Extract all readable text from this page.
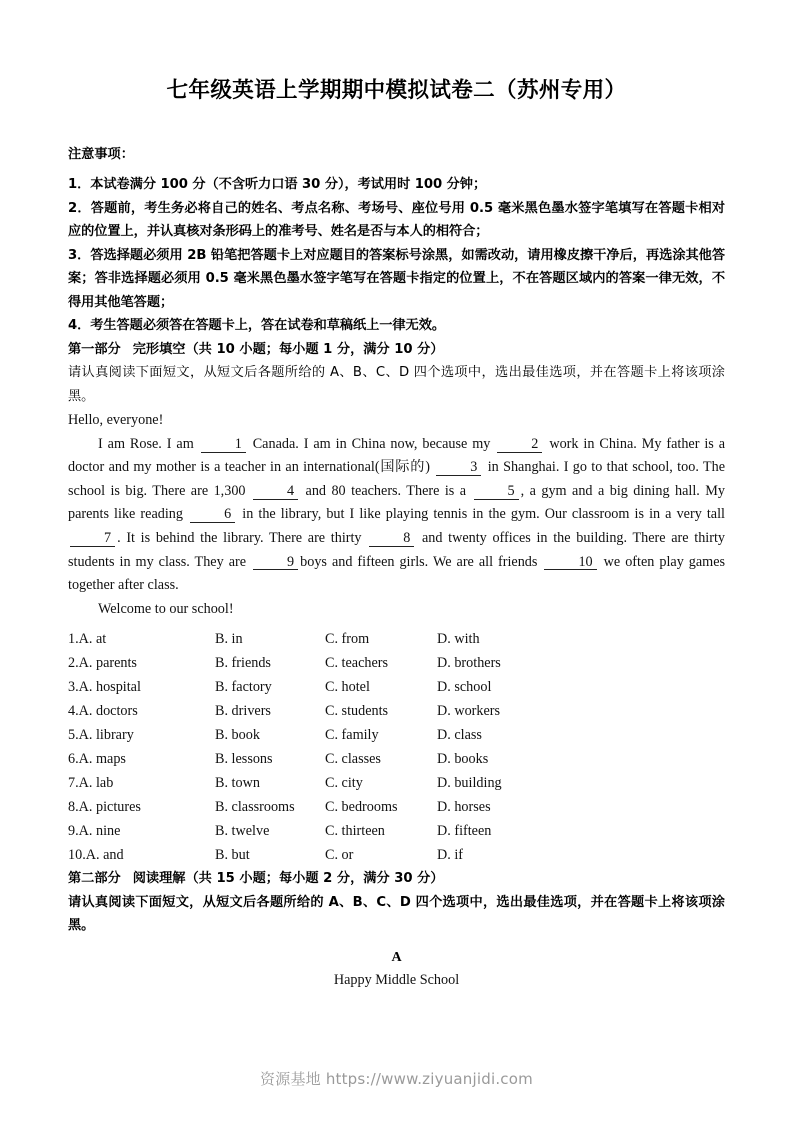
七年级英语上学期期中模拟试卷二（苏州专用）
注意事项：

1．本试卷满分 100 分（不含听力口语 30 分），考试用时 100 分钟；

2．答题前，考生务必将自己的姓名、考点名称、考场号、座位号用 0.5 毫米黑色墨水签字笔填写在答题卡相对应的位置上，并认真核对条形码上的准考号、姓名是否与本人的相符合；

3．答选择题必须用 2B 铅笔把答题卡上对应题目的答案标号涂黑，如需改动，请用橡皮擦干净后，再选涂其他答案；答非选择题必须用 0.5 毫米黑色墨水签字笔写在答题卡指定的位置上，不在答题区域内的答案一律无效，不得用其他笔答题；

4．考生答题必须答在答题卡上，答在试卷和草稿纸上一律无效。

第一部分 完形填空（共 10 小题；每小题 1 分，满分 10 分）

请认真阅读下面短文，从短文后各题所给的 A、B、C、D 四个选项中，选出最佳选项，并在答题卡上将该项涂黑。

Hello, everyone!

I am Rose. I am	1 Canada. I am in China now, because my	2 work in China. My father is a doctor and my mother is a teacher in an international(国际的)	3 in Shanghai. I go to that school, too. The school is big. There are 1,300	4 and 80 teachers. There is a	5 , a gym and a big dining hall. My parents like reading	6 in the library, but I like playing tennis in the gym. Our classroom is in a very tall 7 . It is behind the library. There are thirty	8 and twenty offices in the building. There are thirty students in my class. They are	9 boys and fifteen girls. We are all friends	10 we often play games together after class.

Welcome to our school!

1.A. at	B. in	C. from	D. with
2.A. parents	B. friends	C. teachers	D. brothers
3.A. hospital	B. factory	C. hotel	D. school
4.A. doctors	B. drivers	C. students	D. workers
5.A. library	B. book	C. family	D. class
6.A. maps	B. lessons	C. classes	D. books
7.A. lab	B. town	C. city	D. building
8.A. pictures	B. classrooms	C. bedrooms	D. horses
9.A. nine	B. twelve	C. thirteen	D. fifteen
10.A. and	B. but	C. or	D. if

第二部分 阅读理解（共 15 小题；每小题 2 分，满分 30 分）

请认真阅读下面短文，从短文后各题所给的 A、B、C、D 四个选项中，选出最佳选项，并在答题卡上将该项涂黑。

A

Happy Middle School

资源基地 https://www.ziyuanjidi.com
